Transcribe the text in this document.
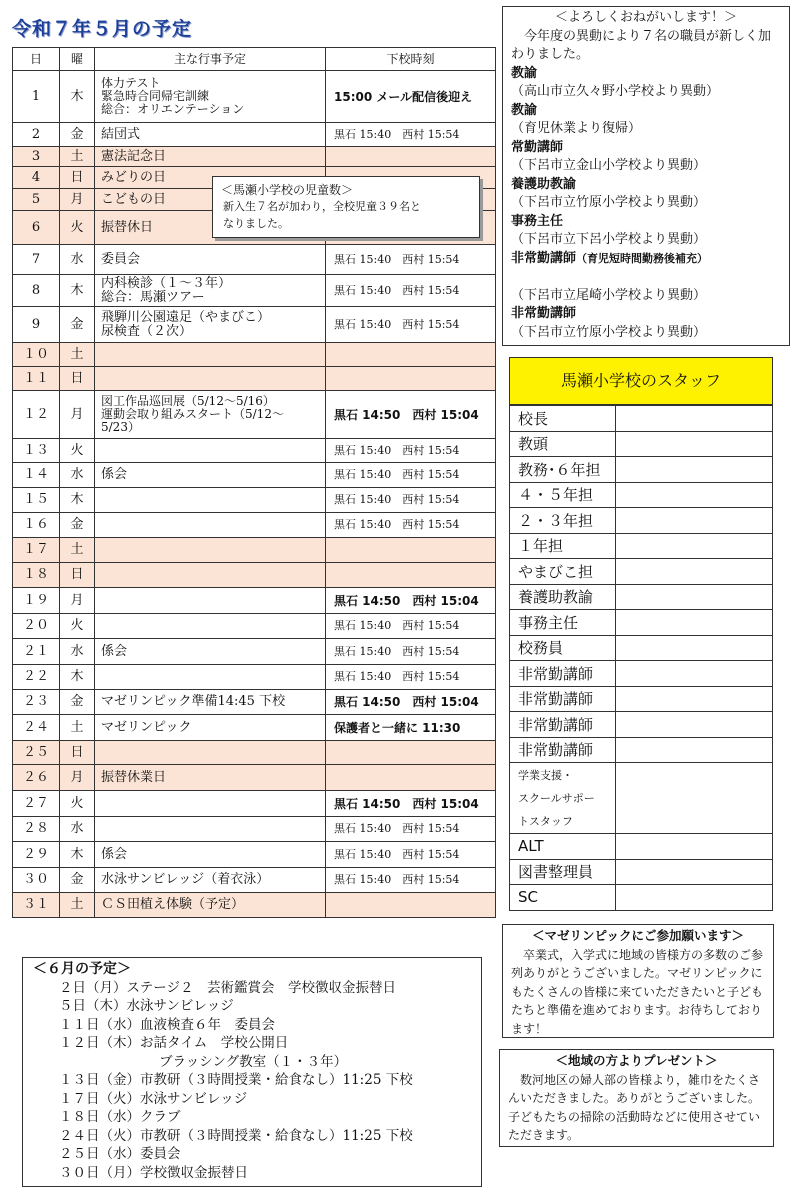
令和７年５月の予定
日	曜	主な行事予定	下校時刻
1	木	体力テスト
緊急時合同帰宅訓練
総合：オリエンテーション	15:00 メール配信後迎え
2	金	結団式	黒石 15:40　西村 15:54
3	土	憲法記念日	
4	日	みどりの日	
5	月	こどもの日	
6	火	振替休日	
7	水	委員会	黒石 15:40　西村 15:54
8	木	内科検診（１～３年）
総合：馬瀬ツアー	黒石 15:40　西村 15:54
9	金	飛騨川公園遠足（やまびこ）
尿検査（２次）	黒石 15:40　西村 15:54
１０	土		
１１	日		
１２	月	図工作品巡回展（5/12～5/16）
運動会取り組みスタート（5/12～
5/23）	黒石 14:50　西村 15:04
１３	火		黒石 15:40　西村 15:54
１４	水	係会	黒石 15:40　西村 15:54
１５	木		黒石 15:40　西村 15:54
１６	金		黒石 15:40　西村 15:54
１７	土		
１８	日		
１９	月		黒石 14:50　西村 15:04
２０	火		黒石 15:40　西村 15:54
２１	水	係会	黒石 15:40　西村 15:54
２２	木		黒石 15:40　西村 15:54
２３	金	マゼリンピック準備14:45 下校	黒石 14:50　西村 15:04
２４	土	マゼリンピック	保護者と一緒に 11:30
２５	日		
２６	月	振替休業日	
２７	火		黒石 14:50　西村 15:04
２８	水		黒石 15:40　西村 15:54
２９	木	係会	黒石 15:40　西村 15:54
３０	金	水泳サンビレッジ（着衣泳）	黒石 15:40　西村 15:54
３１	土	ＣＳ田植え体験（予定）	
＜馬瀬小学校の児童数＞
新入生７名が加わり，全校児童３９名と
なりました。
＜よろしくおねがいします！＞
今年度の異動により７名の職員が新しく加わりました。
教諭
（高山市立久々野小学校より異動）
教諭
（育児休業より復帰）
常勤講師
（下呂市立金山小学校より異動）
養護助教諭
（下呂市立竹原小学校より異動）
事務主任
（下呂市立下呂小学校より異動）
非常勤講師（育児短時間勤務後補充）

（下呂市立尾崎小学校より異動）
非常勤講師
（下呂市立竹原小学校より異動）
馬瀬小学校のスタッフ
校長	
教頭	
教務･６年担	
４・５年担	
２・３年担	
１年担	
やまびこ担	
養護助教諭	
事務主任	
校務員	
非常勤講師	
非常勤講師	
非常勤講師	
非常勤講師	
学業支援・
スクールサポー
トスタッフ	
ALT	
図書整理員	
SC	
＜６月の予定＞
２日（月）ステージ２　芸術鑑賞会　学校徴収金振替日
５日（木）水泳サンビレッジ
１１日（水）血液検査６年　委員会
１２日（木）お話タイム　学校公開日
ブラッシング教室（１・３年）
１３日（金）市教研（３時間授業・給食なし）11:25 下校
１７日（火）水泳サンビレッジ
１８日（水）クラブ
２４日（火）市教研（３時間授業・給食なし）11:25 下校
２５日（水）委員会
３０日（月）学校徴収金振替日
＜マゼリンピックにご参加願います＞
卒業式，入学式に地域の皆様方の多数のご参列ありがとうございました。マゼリンピックにもたくさんの皆様に来ていただきたいと子どもたちと準備を進めております。お待ちしております！
＜地域の方よりプレゼント＞
数河地区の婦人部の皆様より，雑巾をたくさんいただきました。ありがとうございました。子どもたちの掃除の活動時などに使用させていただきます。
